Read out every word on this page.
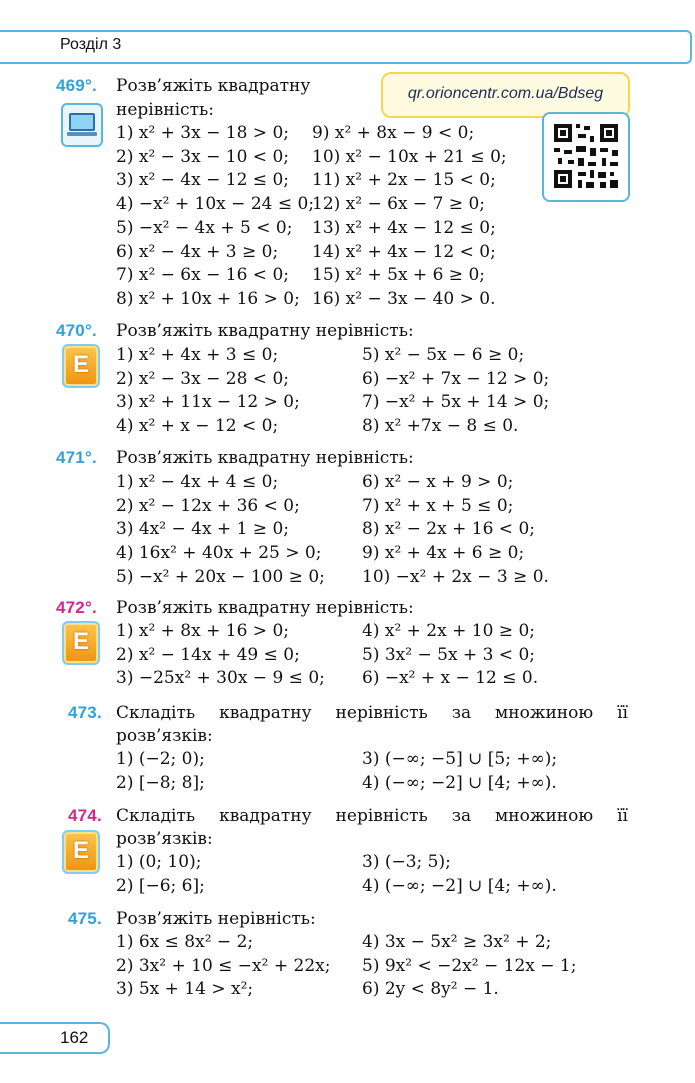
Розділ 3
469°. Розв’яжіть квадратну
нерівність:
qr.orioncentr.com.ua/Bdseg
1) x² + 3x − 18 > 0;
2) x² − 3x − 10 < 0;
3) x² − 4x − 12 ≤ 0;
4) −x² + 10x − 24 ≤ 0;
5) −x² − 4x + 5 < 0;
6) x² − 4x + 3 ≥ 0;
7) x² − 6x − 16 < 0;
8) x² + 10x + 16 > 0;
9) x² + 8x − 9 < 0;
10) x² − 10x + 21 ≤ 0;
11) x² + 2x − 15 < 0;
12) x² − 6x − 7 ≥ 0;
13) x² + 4x − 12 ≤ 0;
14) x² + 4x − 12 < 0;
15) x² + 5x + 6 ≥ 0;
16) x² − 3x − 40 > 0.
470°. Розв’яжіть квадратну нерівність:
E	1) x² + 4x + 3 ≤ 0;
2) x² − 3x − 28 < 0;
3) x² + 11x − 12 > 0;
4) x² + x − 12 < 0;
5) x² − 5x − 6 ≥ 0;
6) −x² + 7x − 12 > 0;
7) −x² + 5x + 14 > 0;
8) x² +7x − 8 ≤ 0.
471°. Розв’яжіть квадратну нерівність:
1) x² − 4x + 4 ≤ 0;
2) x² − 12x + 36 < 0;
3) 4x² − 4x + 1 ≥ 0;
4) 16x² + 40x + 25 > 0;
5) −x² + 20x − 100 ≥ 0;
6) x² − x + 9 > 0;
7) x² + x + 5 ≤ 0;
8) x² − 2x + 16 < 0;
9) x² + 4x + 6 ≥ 0;
10) −x² + 2x − 3 ≥ 0.
472°. Розв’яжіть квадратну нерівність:
E	1) x² + 8x + 16 > 0;
2) x² − 14x + 49 ≤ 0;
3) −25x² + 30x − 9 ≤ 0;
4) x² + 2x + 10 ≥ 0;
5) 3x² − 5x + 3 < 0;
6) −x² + x − 12 ≤ 0.
473. Складіть квадратну нерівність за множиною її
розв’язків:
1) (−2; 0);
2) [−8; 8];
3) (−∞; −5] ∪ [5; +∞);
4) (−∞; −2] ∪ [4; +∞).
474. Складіть квадратну нерівність за множиною її
розв’язків:
E	1) (0; 10);
2) [−6; 6];
3) (−3; 5);
4) (−∞; −2] ∪ [4; +∞).
475. Розв’яжіть нерівність:
1) 6x ≤ 8x² − 2;
2) 3x² + 10 ≤ −x² + 22x;
3) 5x + 14 > x²;
4) 3x − 5x² ≥ 3x² + 2;
5) 9x² < −2x² − 12x − 1;
6) 2y < 8y² − 1.
162
